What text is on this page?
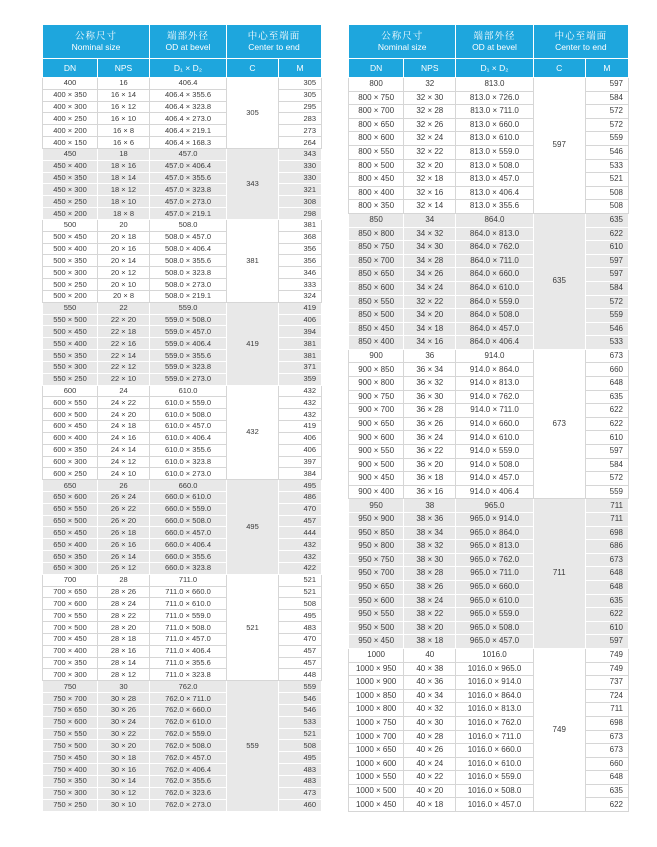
公称尺寸
Nominal size

端部外径
OD at bevel

中心至端面
Center to end

DN	NPS	D₁ × D₂	C	M
400	16	406.4	305	305
400 × 350	16 × 14	406.4 × 355.6		305
400 × 300	16 × 12	406.4 × 323.8		295
400 × 250	16 × 10	406.4 × 273.0		283
400 × 200	16 × 8	406.4 × 219.1		273
400 × 150	16 × 6	406.4 × 168.3		264
450	18	457.0	343	343
450 × 400	18 × 16	457.0 × 406.4		330
450 × 350	18 × 14	457.0 × 355.6		330
450 × 300	18 × 12	457.0 × 323.8		321
450 × 250	18 × 10	457.0 × 273.0		308
450 × 200	18 × 8	457.0 × 219.1		298
500	20	508.0	381	381
500 × 450	20 × 18	508.0 × 457.0		368
500 × 400	20 × 16	508.0 × 406.4		356
500 × 350	20 × 14	508.0 × 355.6		356
500 × 300	20 × 12	508.0 × 323.8		346
500 × 250	20 × 10	508.0 × 273.0		333
500 × 200	20 × 8	508.0 × 219.1		324
550	22	559.0	419	419
550 × 500	22 × 20	559.0 × 508.0		406
500 × 450	22 × 18	559.0 × 457.0		394
550 × 400	22 × 16	559.0 × 406.4		381
550 × 350	22 × 14	559.0 × 355.6		381
550 × 300	22 × 12	559.0 × 323.8		371
550 × 250	22 × 10	559.0 × 273.0		359
600	24	610.0	432	432
600 × 550	24 × 22	610.0 × 559.0		432
600 × 500	24 × 20	610.0 × 508.0		432
600 × 450	24 × 18	610.0 × 457.0		419
600 × 400	24 × 16	610.0 × 406.4		406
600 × 350	24 × 14	610.0 × 355.6		406
600 × 300	24 × 12	610.0 × 323.8		397
600 × 250	24 × 10	610.0 × 273.0		384
650	26	660.0	495	495
650 × 600	26 × 24	660.0 × 610.0		486
650 × 550	26 × 22	660.0 × 559.0		470
650 × 500	26 × 20	660.0 × 508.0		457
650 × 450	26 × 18	660.0 × 457.0		444
650 × 400	26 × 16	660.0 × 406.4		432
650 × 350	26 × 14	660.0 × 355.6		432
650 × 300	26 × 12	660.0 × 323.8		422
700	28	711.0	521	521
700 × 650	28 × 26	711.0 × 660.0		521
700 × 600	28 × 24	711.0 × 610.0		508
700 × 550	28 × 22	711.0 × 559.0		495
700 × 500	28 × 20	711.0 × 508.0		483
700 × 450	28 × 18	711.0 × 457.0		470
700 × 400	28 × 16	711.0 × 406.4		457
700 × 350	28 × 14	711.0 × 355.6		457
700 × 300	28 × 12	711.0 × 323.8		448
750	30	762.0	559	559
750 × 700	30 × 28	762.0 × 711.0		546
750 × 650	30 × 26	762.0 × 660.0		546
750 × 600	30 × 24	762.0 × 610.0		533
750 × 550	30 × 22	762.0 × 559.0		521
750 × 500	30 × 20	762.0 × 508.0		508
750 × 450	30 × 18	762.0 × 457.0		495
750 × 400	30 × 16	762.0 × 406.4		483
750 × 350	30 × 14	762.0 × 355.6		483
750 × 300	30 × 12	762.0 × 323.6		473
750 × 250	30 × 10	762.0 × 273.0		460
公称尺寸
Nominal size

端部外径
OD at bevel

中心至端面
Center to end

DN	NPS	D₁ × D₂	C	M
800	32	813.0	597	597
800 × 750	32 × 30	813.0 × 726.0		584
800 × 700	32 × 28	813.0 × 711.0		572
800 × 650	32 × 26	813.0 × 660.0		572
800 × 600	32 × 24	813.0 × 610.0		559
800 × 550	32 × 22	813.0 × 559.0		546
800 × 500	32 × 20	813.0 × 508.0		533
800 × 450	32 × 18	813.0 × 457.0		521
800 × 400	32 × 16	813.0 × 406.4		508
800 × 350	32 × 14	813.0 × 355.6		508
850	34	864.0	635	635
850 × 800	34 × 32	864.0 × 813.0		622
850 × 750	34 × 30	864.0 × 762.0		610
850 × 700	34 × 28	864.0 × 711.0		597
850 × 650	34 × 26	864.0 × 660.0		597
850 × 600	34 × 24	864.0 × 610.0		584
850 × 550	32 × 22	864.0 × 559.0		572
850 × 500	34 × 20	864.0 × 508.0		559
850 × 450	34 × 18	864.0 × 457.0		546
850 × 400	34 × 16	864.0 × 406.4		533
900	36	914.0	673	673
900 × 850	36 × 34	914.0 × 864.0		660
900 × 800	36 × 32	914.0 × 813.0		648
900 × 750	36 × 30	914.0 × 762.0		635
900 × 700	36 × 28	914.0 × 711.0		622
900 × 650	36 × 26	914.0 × 660.0		622
900 × 600	36 × 24	914.0 × 610.0		610
900 × 550	36 × 22	914.0 × 559.0		597
900 × 500	36 × 20	914.0 × 508.0		584
900 × 450	36 × 18	914.0 × 457.0		572
900 × 400	36 × 16	914.0 × 406.4		559
950	38	965.0	711	711
950 × 900	38 × 36	965.0 × 914.0		711
950 × 850	38 × 34	965.0 × 864.0		698
950 × 800	38 × 32	965.0 × 813.0		686
950 × 750	38 × 30	965.0 × 762.0		673
950 × 700	38 × 28	965.0 × 711.0		648
950 × 650	38 × 26	965.0 × 660.0		648
950 × 600	38 × 24	965.0 × 610.0		635
950 × 550	38 × 22	965.0 × 559.0		622
950 × 500	38 × 20	965.0 × 508.0		610
950 × 450	38 × 18	965.0 × 457.0		597
1000	40	1016.0	749	749
1000 × 950	40 × 38	1016.0 × 965.0		749
1000 × 900	40 × 36	1016.0 × 914.0		737
1000 × 850	40 × 34	1016.0 × 864.0		724
1000 × 800	40 × 32	1016.0 × 813.0		711
1000 × 750	40 × 30	1016.0 × 762.0		698
1000 × 700	40 × 28	1016.0 × 711.0		673
1000 × 650	40 × 26	1016.0 × 660.0		673
1000 × 600	40 × 24	1016.0 × 610.0		660
1000 × 550	40 × 22	1016.0 × 559.0		648
1000 × 500	40 × 20	1016.0 × 508.0		635
1000 × 450	40 × 18	1016.0 × 457.0		622
